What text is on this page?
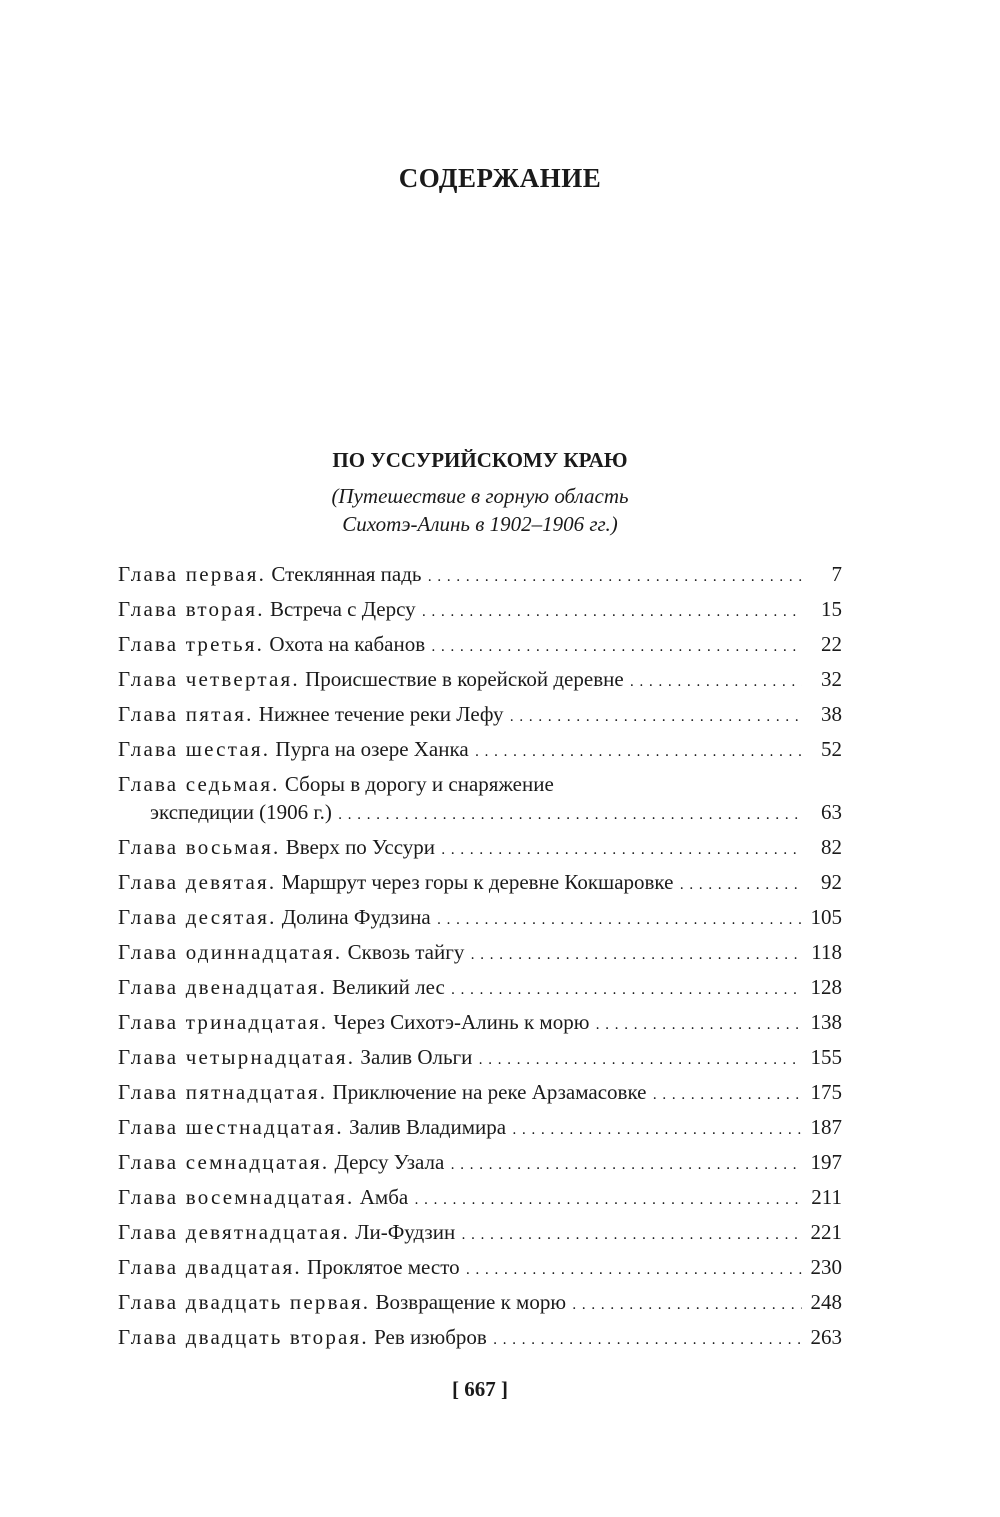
СОДЕРЖАНИЕ
ПО УССУРИЙСКОМУ КРАЮ
(Путешествие в горную область
Сихотэ-Алинь в 1902–1906 гг.)
Глава первая. Стеклянная падь . . .	7
Глава вторая. Встреча с Дерсу . . .	15
Глава третья. Охота на кабанов . . .	22
Глава четвертая. Происшествие в корейской деревне . . .	32
Глава пятая. Нижнее течение реки Лефу . . .	38
Глава шестая. Пурга на озере Ханка . . .	52
Глава седьмая. Сборы в дорогу и снаряжение
экспедиции (1906 г.) . . .	63
Глава восьмая. Вверх по Уссури . . .	82
Глава девятая. Маршрут через горы к деревне Кокшаровке . . .	92
Глава десятая. Долина Фудзина . . .	105
Глава одиннадцатая. Сквозь тайгу . . .	118
Глава двенадцатая. Великий лес . . .	128
Глава тринадцатая. Через Сихотэ-Алинь к морю . . .	138
Глава четырнадцатая. Залив Ольги . . .	155
Глава пятнадцатая. Приключение на реке Арзамасовке . . .	175
Глава шестнадцатая. Залив Владимира . . .	187
Глава семнадцатая. Дерсу Узала . . .	197
Глава восемнадцатая. Амба . . .	211
Глава девятнадцатая. Ли-Фудзин . . .	221
Глава двадцатая. Проклятое место . . .	230
Глава двадцать первая. Возвращение к морю . . .	248
Глава двадцать вторая. Рев изюбров . . .	263
[ 667 ]
